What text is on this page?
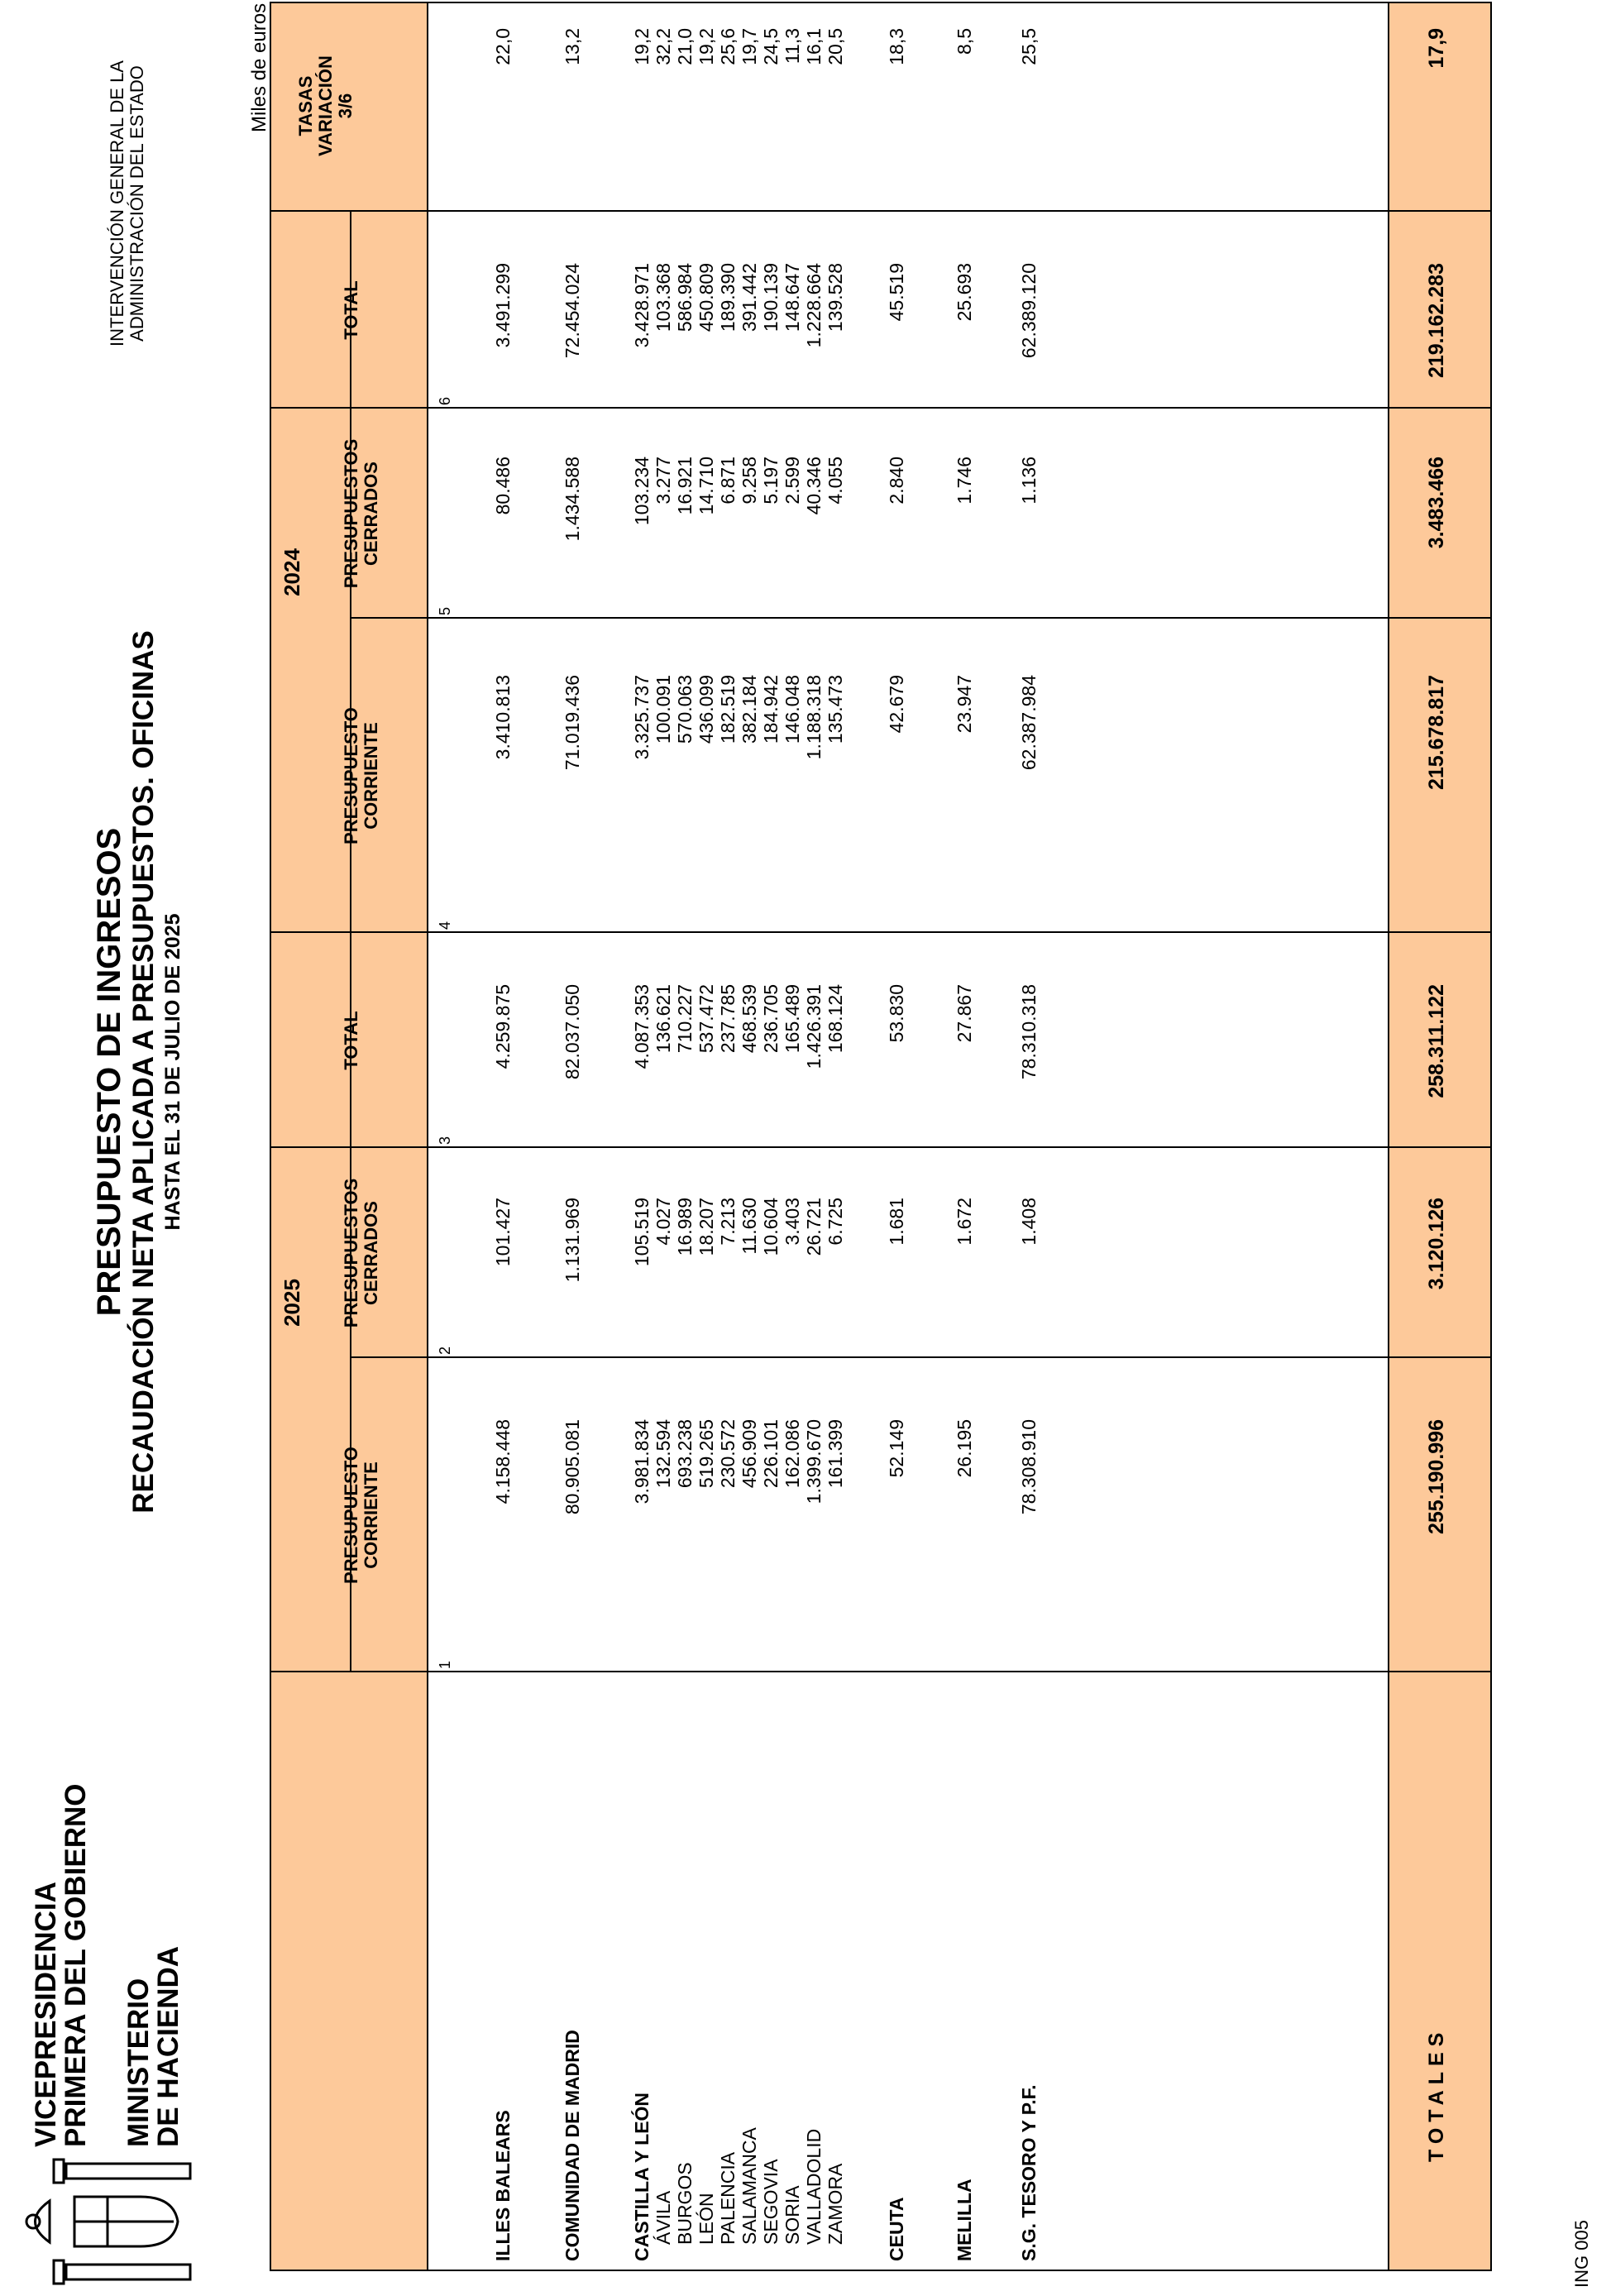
VICEPRESIDENCIA
PRIMERA DEL GOBIERNO MINISTERIO
DE HACIENDA
PRESUPUESTO DE INGRESOS RECAUDACIÓN NETA APLICADA A PRESUPUESTOS. OFICINAS HASTA EL 31 DE JULIO DE 2025
INTERVENCIÓN GENERAL DE LA ADMINISTRACIÓN DEL ESTADO	Miles de euros
ING 005
2025
2024
PRESUPUESTO CORRIENTE
1
PRESUPUESTOS CERRADOS
2
TOTAL
3
PRESUPUESTO CORRIENTE
4
PRESUPUESTOS CERRADOS
5
TOTAL
6
TASAS VARIACIÓN 3/6
ILLES BALEARS
4.158.448
101.427
4.259.875
3.410.813
80.486
3.491.299
22,0
COMUNIDAD DE MADRID
80.905.081
1.131.969
82.037.050
71.019.436
1.434.588
72.454.024
13,2
CASTILLA Y LEÓN
3.981.834
105.519
4.087.353
3.325.737
103.234
3.428.971
19,2
ÁVILA
132.594
4.027
136.621
100.091
3.277
103.368
32,2
BURGOS
693.238
16.989
710.227
570.063
16.921
586.984
21,0
LEÓN
519.265
18.207
537.472
436.099
14.710
450.809
19,2
PALENCIA
230.572
7.213
237.785
182.519
6.871
189.390
25,6
SALAMANCA
456.909
11.630
468.539
382.184
9.258
391.442
19,7
SEGOVIA
226.101
10.604
236.705
184.942
5.197
190.139
24,5
SORIA
162.086
3.403
165.489
146.048
2.599
148.647
11,3
VALLADOLID
1.399.670
26.721
1.426.391
1.188.318
40.346
1.228.664
16,1
ZAMORA
161.399
6.725
168.124
135.473
4.055
139.528
20,5
CEUTA
52.149
1.681
53.830
42.679
2.840
45.519
18,3
MELILLA
26.195
1.672
27.867
23.947
1.746
25.693
8,5
S.G. TESORO Y P.F.
78.308.910
1.408
78.310.318
62.387.984
1.136
62.389.120
25,5
TOTALES
255.190.996
3.120.126
258.311.122
215.678.817
3.483.466
219.162.283
17,9
